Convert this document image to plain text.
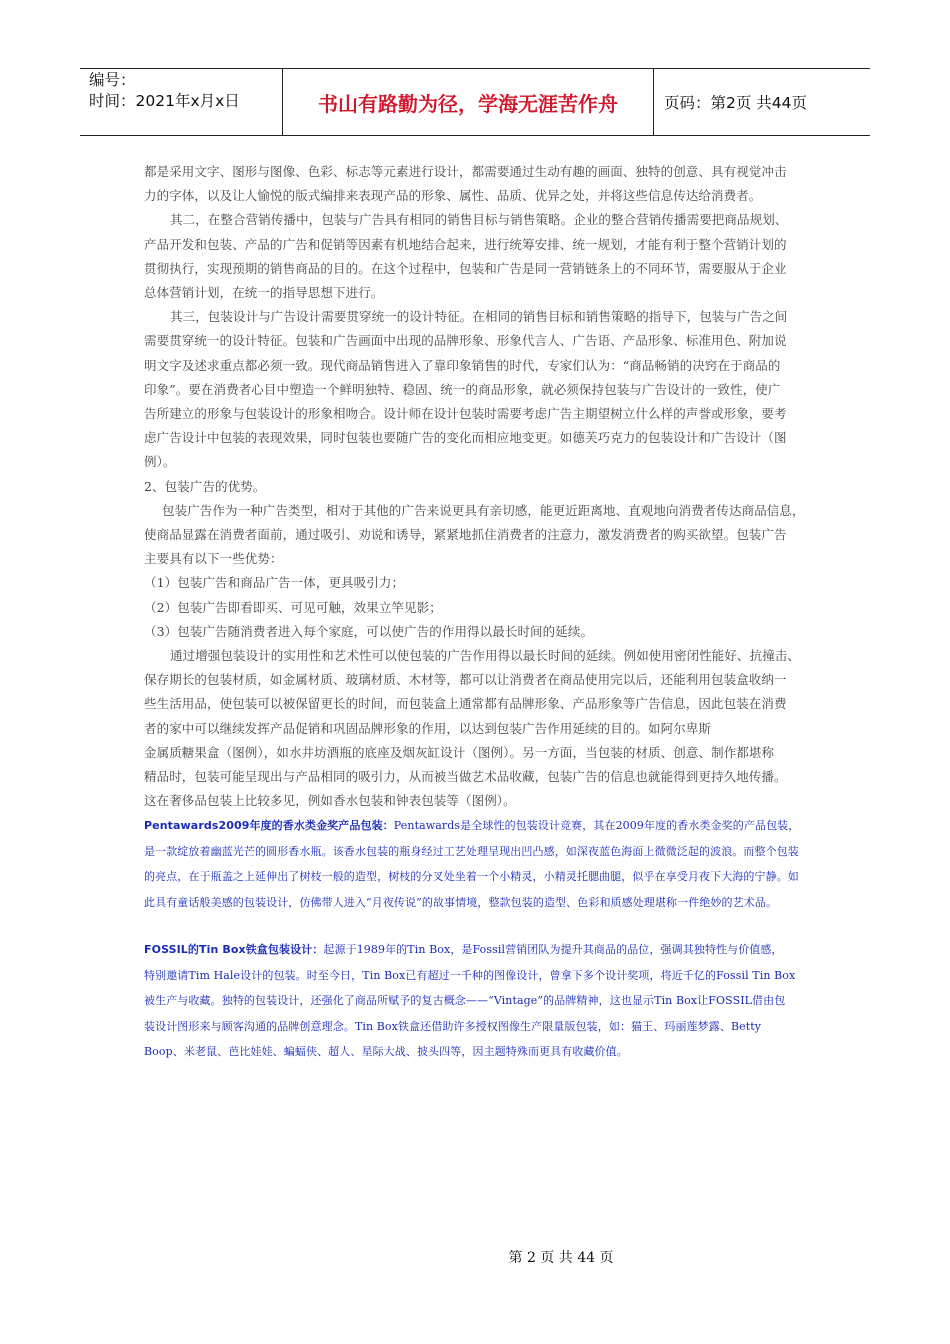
编号：
时间：2021年x月x日	书山有路勤为径，学海无涯苦作舟	页码：第2页 共44页
都是采用文字、图形与图像、色彩、标志等元素进行设计，都需要通过生动有趣的画面、独特的创意、具有视觉冲击
力的字体，以及让人愉悦的版式编排来表现产品的形象、属性、品质、优异之处，并将这些信息传达给消费者。
其二，在整合营销传播中，包装与广告具有相同的销售目标与销售策略。企业的整合营销传播需要把商品规划、
产品开发和包装、产品的广告和促销等因素有机地结合起来，进行统筹安排、统一规划，才能有利于整个营销计划的
贯彻执行，实现预期的销售商品的目的。在这个过程中，包装和广告是同一营销链条上的不同环节，需要服从于企业
总体营销计划，在统一的指导思想下进行。
其三，包装设计与广告设计需要贯穿统一的设计特征。在相同的销售目标和销售策略的指导下，包装与广告之间
需要贯穿统一的设计特征。包装和广告画面中出现的品牌形象、形象代言人、广告语、产品形象、标准用色、附加说
明文字及述求重点都必须一致。现代商品销售进入了靠印象销售的时代，专家们认为：“商品畅销的决窍在于商品的
印象”。要在消费者心目中塑造一个鲜明独特、稳固、统一的商品形象，就必须保持包装与广告设计的一致性，使广
告所建立的形象与包装设计的形象相吻合。设计师在设计包装时需要考虑广告主期望树立什么样的声誉或形象，要考
虑广告设计中包装的表现效果，同时包装也要随广告的变化而相应地变更。如德芙巧克力的包装设计和广告设计（图
例）。
2、包装广告的优势。
包装广告作为一种广告类型，相对于其他的广告来说更具有亲切感，能更近距离地、直观地向消费者传达商品信息，
使商品显露在消费者面前，通过吸引、劝说和诱导，紧紧地抓住消费者的注意力，激发消费者的购买欲望。包装广告
主要具有以下一些优势：
（1）包装广告和商品广告一体，更具吸引力；
（2）包装广告即看即买、可见可触，效果立竿见影；
（3）包装广告随消费者进入每个家庭，可以使广告的作用得以最长时间的延续。
通过增强包装设计的实用性和艺术性可以使包装的广告作用得以最长时间的延续。例如使用密闭性能好、抗撞击、
保存期长的包装材质，如金属材质、玻璃材质、木材等，都可以让消费者在商品使用完以后，还能利用包装盒收纳一
些生活用品，使包装可以被保留更长的时间，而包装盒上通常都有品牌形象、产品形象等广告信息，因此包装在消费
者的家中可以继续发挥产品促销和巩固品牌形象的作用，以达到包装广告作用延续的目的。如阿尔卑斯
金属质糖果盒（图例），如水井坊酒瓶的底座及烟灰缸设计（图例）。另一方面，当包装的材质、创意、制作都堪称
精品时，包装可能呈现出与产品相同的吸引力，从而被当做艺术品收藏，包装广告的信息也就能得到更持久地传播。
这在奢侈品包装上比较多见，例如香水包装和钟表包装等（图例）。
Pentawards2009年度的香水类金奖产品包装：Pentawards是全球性的包装设计竞赛，其在2009年度的香水类金奖的产品包装，
是一款绽放着幽蓝光芒的圆形香水瓶。该香水包装的瓶身经过工艺处理呈现出凹凸感，如深夜蓝色海面上微微泛起的波浪。而整个包装
的亮点，在于瓶盖之上延伸出了树枝一般的造型，树枝的分叉处坐着一个小精灵，小精灵托腮曲腿，似乎在享受月夜下大海的宁静。如
此具有童话般美感的包装设计，仿佛带人进入“月夜传说”的故事情境，整款包装的造型、色彩和质感处理堪称一件绝妙的艺术品。
FOSSIL的Tin Box铁盒包装设计：起源于1989年的Tin Box，是Fossil营销团队为提升其商品的品位，强调其独特性与价值感，
特别邀请Tim Hale设计的包装。时至今日，Tin Box已有超过一千种的图像设计，曾拿下多个设计奖项，将近千亿的Fossil Tin Box
被生产与收藏。独特的包装设计，还强化了商品所赋予的复古概念——“Vintage”的品牌精神，这也显示Tin Box让FOSSIL借由包
装设计图形来与顾客沟通的品牌创意理念。Tin Box铁盒还借助许多授权图像生产限量版包装，如：猫王、玛丽莲梦露、Betty
Boop、米老鼠、芭比娃娃、蝙蝠侠、超人、星际大战、披头四等，因主题特殊而更具有收藏价值。
第 2 页 共 44 页
